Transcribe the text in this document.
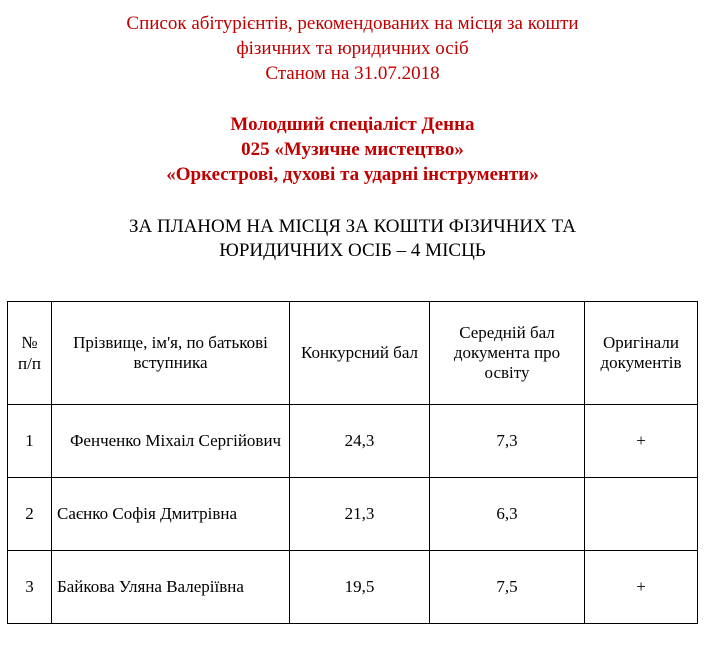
Список абітурієнтів, рекомендованих на місця за кошти
фізичних та юридичних осіб
Станом на 31.07.2018
Молодший спеціаліст Денна
025 «Музичне мистецтво»
«Оркестрові, духові та ударні інструменти»
ЗА ПЛАНОМ НА МІСЦЯ ЗА КОШТИ ФІЗИЧНИХ ТА
ЮРИДИЧНИХ ОСІБ – 4 МІСЦЬ
№
п/п	Прізвище, ім'я, по батькові вступника	Конкурсний бал	Середній бал документа про освіту	Оригінали документів
1	Фенченко Міхаіл Сергійович	24,3	7,3	+
2	Саєнко Софія Дмитрівна	21,3	6,3	
3	Байкова Уляна Валеріївна	19,5	7,5	+
